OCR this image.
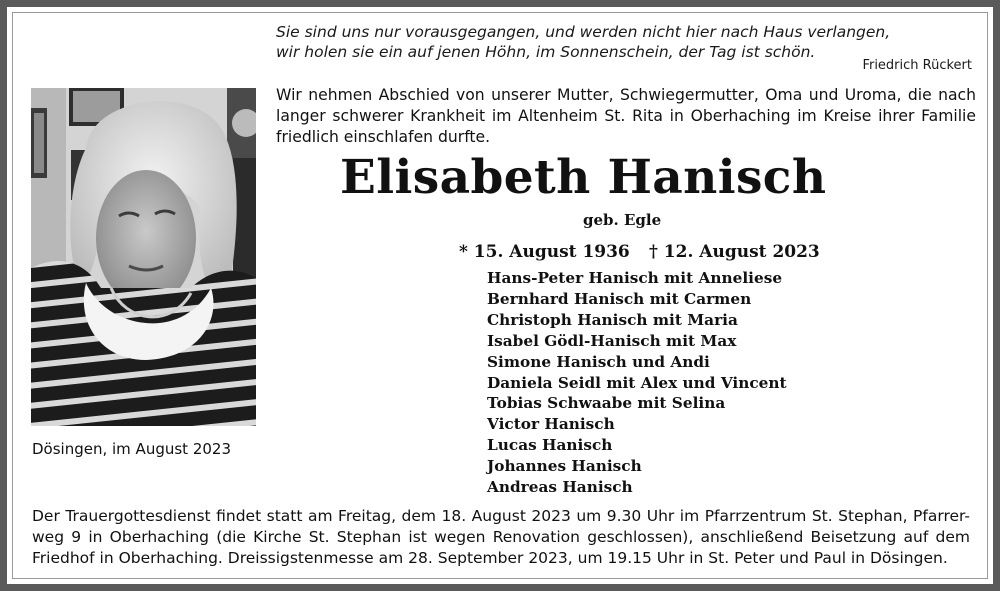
Sie sind uns nur vorausgegangen, und werden nicht hier nach Haus verlangen,
wir holen sie ein auf jenen Höhn, im Sonnenschein, der Tag ist schön.
Friedrich Rückert
Wir nehmen Abschied von unserer Mutter, Schwiegermutter, Oma und Uroma, die nach langer schwerer Krankheit im Altenheim St. Rita in Oberhaching im Kreise ihrer Familie friedlich einschlafen durfte.
Elisabeth Hanisch
geb. Egle
* 15. August 1936 † 12. August 2023
Hans-Peter Hanisch mit Anneliese
Bernhard Hanisch mit Carmen
Christoph Hanisch mit Maria
Isabel Gödl-Hanisch mit Max
Simone Hanisch und Andi
Daniela Seidl mit Alex und Vincent
Tobias Schwaabe mit Selina
Victor Hanisch
Lucas Hanisch
Johannes Hanisch
Andreas Hanisch
Dösingen, im August 2023

Der Trauergottesdienst findet statt am Freitag, dem 18. August 2023 um 9.30 Uhr im Pfarrzentrum St. Stephan, Pfarrer-weg 9 in Oberhaching (die Kirche St. Stephan ist wegen Renovation geschlossen), anschließend Beisetzung auf dem Friedhof in Oberhaching. Dreissigstenmesse am 28. September 2023, um 19.15 Uhr in St. Peter und Paul in Dösingen.
